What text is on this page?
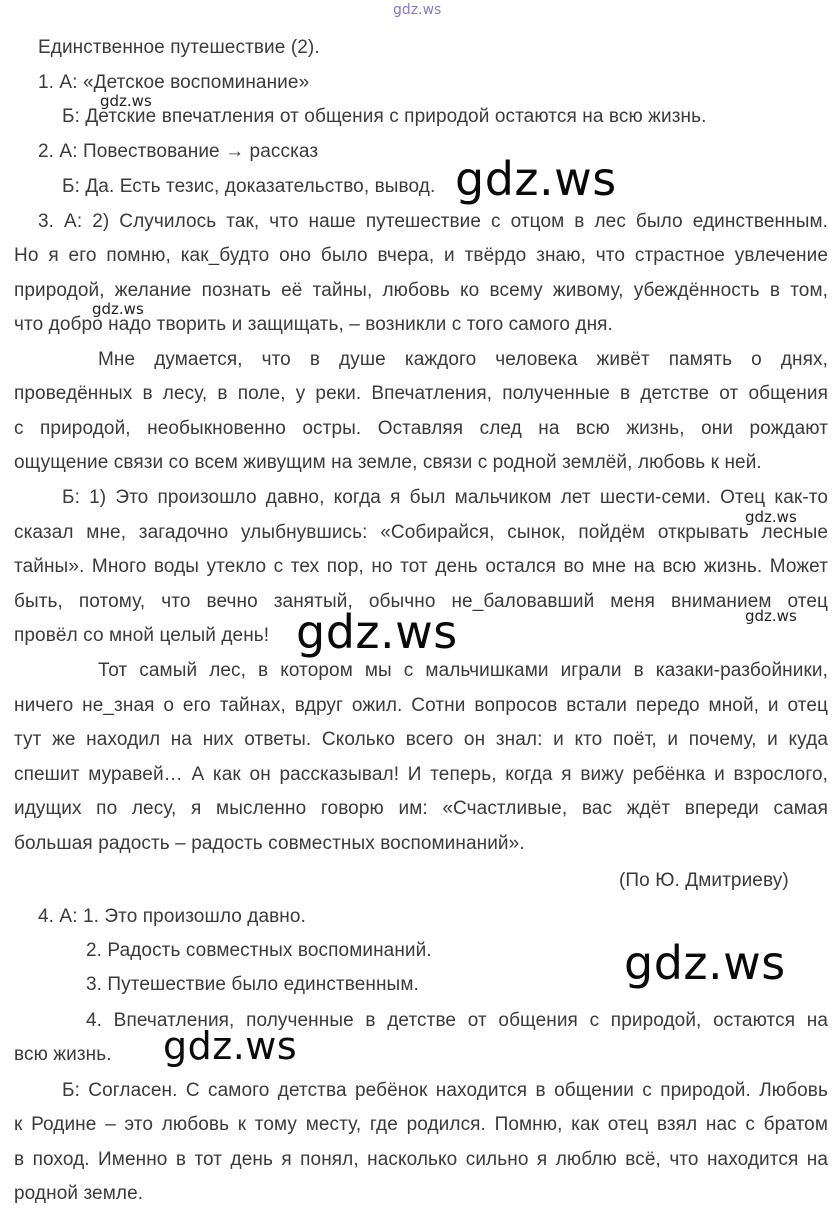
gdz.ws
Единственное путешествие (2).
1. А: «Детское воспоминание»
gdz.ws
Б: Детские впечатления от общения с природой остаются на всю жизнь.
2. А: Повествование → рассказ
Б: Да. Есть тезис, доказательство, вывод. gdz.ws
3. А: 2) Случилось так, что наше путешествие с отцом в лес было единственным.
Но я его помню, как_будто оно было вчера, и твёрдо знаю, что страстное увлечение
природой, желание познать её тайны, любовь ко всему живому, убеждённость в том,
gdz.ws
что добро надо творить и защищать, – возникли с того самого дня.
Мне думается, что в душе каждого человека живёт память о днях,
проведённых в лесу, в поле, у реки. Впечатления, полученные в детстве от общения
с природой, необыкновенно остры. Оставляя след на всю жизнь, они рождают
ощущение связи со всем живущим на земле, связи с родной землёй, любовь к ней.
Б: 1) Это произошло давно, когда я был мальчиком лет шести-семи. Отец как-то
gdz.ws
сказал мне, загадочно улыбнувшись: «Собирайся, сынок, пойдём открывать лесные
тайны». Много воды утекло с тех пор, но тот день остался во мне на всю жизнь. Может
быть, потому, что вечно занятый, обычно не_баловавший меня вниманием отец
gdz.ws
провёл со мной целый день! gdz.ws
Тот самый лес, в котором мы с мальчишками играли в казаки-разбойники,
ничего не_зная о его тайнах, вдруг ожил. Сотни вопросов встали передо мной, и отец
тут же находил на них ответы. Сколько всего он знал: и кто поёт, и почему, и куда
спешит муравей… А как он рассказывал! И теперь, когда я вижу ребёнка и взрослого,
идущих по лесу, я мысленно говорю им: «Счастливые, вас ждёт впереди самая
большая радость – радость совместных воспоминаний».
(По Ю. Дмитриеву)
4. А: 1. Это произошло давно.
2. Радость совместных воспоминаний.
3. Путешествие было единственным.	gdz.ws
4. Впечатления, полученные в детстве от общения с природой, остаются на
всю жизнь. gdz.ws
Б: Согласен. С самого детства ребёнок находится в общении с природой. Любовь
к Родине – это любовь к тому месту, где родился. Помню, как отец взял нас с братом
в поход. Именно в тот день я понял, насколько сильно я люблю всё, что находится на
родной земле.
